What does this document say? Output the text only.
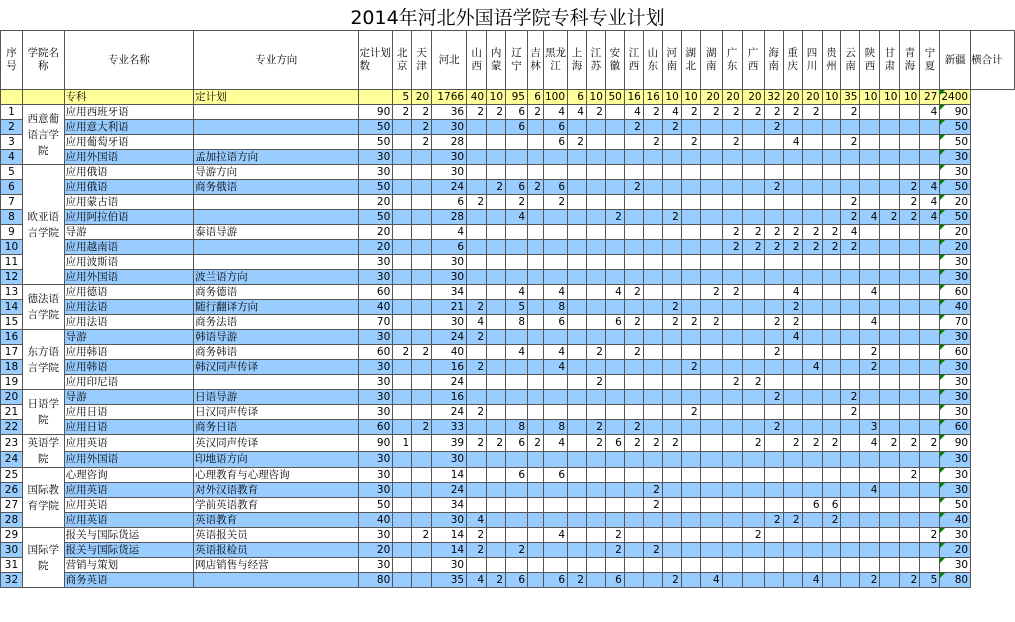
2014年河北外国语学院专科专业计划
序号	学院名称	专业名称	专业方向	定计划数	北京	天津	河北	山西	内蒙	辽宁	吉林	黑龙江	上海	江苏	安徽	江西	山东	河南	湖北	湖南	广东	广西	海南	重庆	四川	贵州	云南	陕西	甘肃	青海	宁夏	新疆	横合计
		专科	定计划		5	20	1766	40	10	95	6	100	6	10	50	16	16	10	10	20	20	20	32	20	20	10	35	10	10	10	27	2400	

1	西意葡语言学院	应用西班牙语		90	2	2	36	2	2	6	2	4	4	2		4	2	4	2	2	2	2	2	2	2		2				4	90	

2		应用意大利语		50		2	30			6		6				2		2					2									50	

3		应用葡萄牙语		50		2	28					6	2				2		2		2			4			2					50	

4		应用外国语	孟加拉语方向	30			30																									30	

5	欧亚语言学院	应用俄语	导游方向	30			30																									30	

6		应用俄语	商务俄语	50			24		2	6	2	6				2							2							2	4	50	

7		应用蒙古语		20			6	2		2		2															2			2	4	20	

8		应用阿拉伯语		50			28			4					2			2									2	4	2	2	4	50	

9		导游	泰语导游	20			4														2	2	2	2	2	2	4					20	

10		应用越南语		20			6														2	2	2	2	2	2	2					20	

11		应用波斯语		30			30																									30	

12		应用外国语	波兰语方向	30			30																									30	

13	德法语言学院	应用德语	商务德语	60			34			4		4			4	2				2	2			4				4				60	

14		应用法语	随行翻译方向	40			21	2		5		8						2						2								40	

15		应用法语	商务法语	70			30	4		8		6			6	2		2	2	2			2	2				4				70	

16	东方语言学院	导游	韩语导游	30			24	2																4								30	

17		应用韩语	商务韩语	60	2	2	40			4		4		2		2							2					2				60	

18		应用韩语	韩汉同声传译	30			16	2				4							2						4			2				30	

19		应用印尼语		30			24							2							2	2										30	

20	日语学院	导游	日语导游	30			16																2				2					30	

21		应用日语	日汉同声传译	30			24	2											2								2					30	

22		应用日语	商务日语	60		2	33			8		8		2		2							2					3				60	

23	英语学院	应用英语	英汉同声传译	90	1		39	2	2	6	2	4		2	6	2	2	2				2		2	2	2		4	2	2	2	90	

24		应用外国语	印地语方向	30			30																									30	

25	国际教育学院	心理咨询	心理教育与心理咨询	30			14			6		6																		2		30	

26		应用英语	对外汉语教育	30			24										2											4				30	

27		应用英语	学前英语教育	50			34										2								6	6						50	

28		应用英语	英语教育	40			30	4															2	2		2						40	

29	国际学院	报关与国际货运	英语报关员	30		2	14	2				4			2							2									2	30	

30		报关与国际货运	英语报检员	20			14	2		2					2		2															20	

31		营销与策划	网店销售与经营	30			30																									30	

32		商务英语		80			35	4	2	6		6	2		6			2		4					4			2		2	5	80	
